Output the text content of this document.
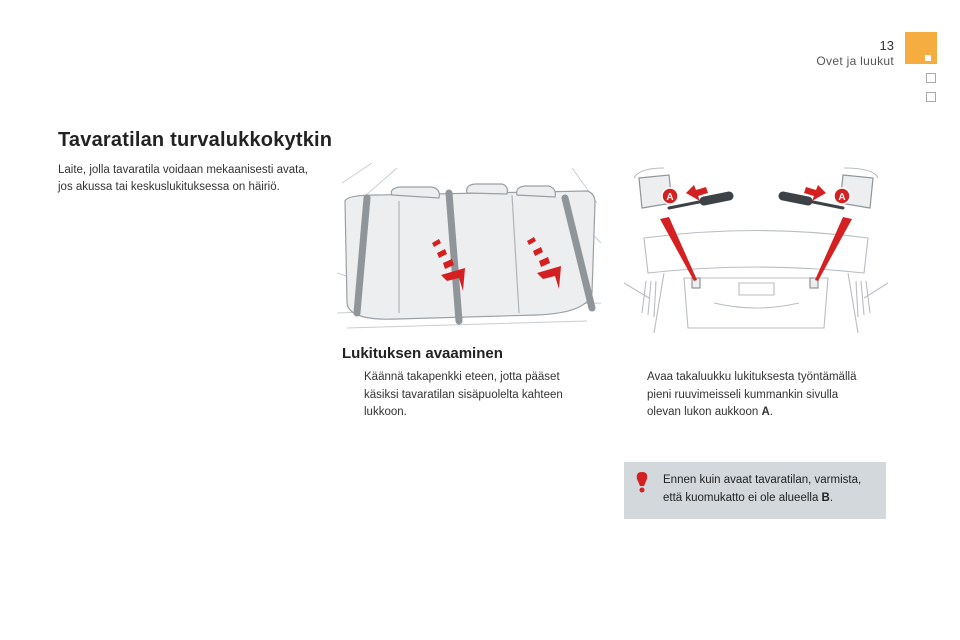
13
Ovet ja luukut
Tavaratilan turvalukkokytkin
Laite, jolla tavaratila voidaan mekaanisesti avata, jos akussa tai keskuslukituksessa on häiriö.
A	A
Lukituksen avaaminen
Käännä takapenkki eteen, jotta pääset käsiksi tavaratilan sisäpuolelta kahteen lukkoon.
Avaa takaluukku lukituksesta työntämällä pieni ruuvimeisseli kummankin sivulla olevan lukon aukkoon A.
Ennen kuin avaat tavaratilan, varmista, että kuomukatto ei ole alueella B.
